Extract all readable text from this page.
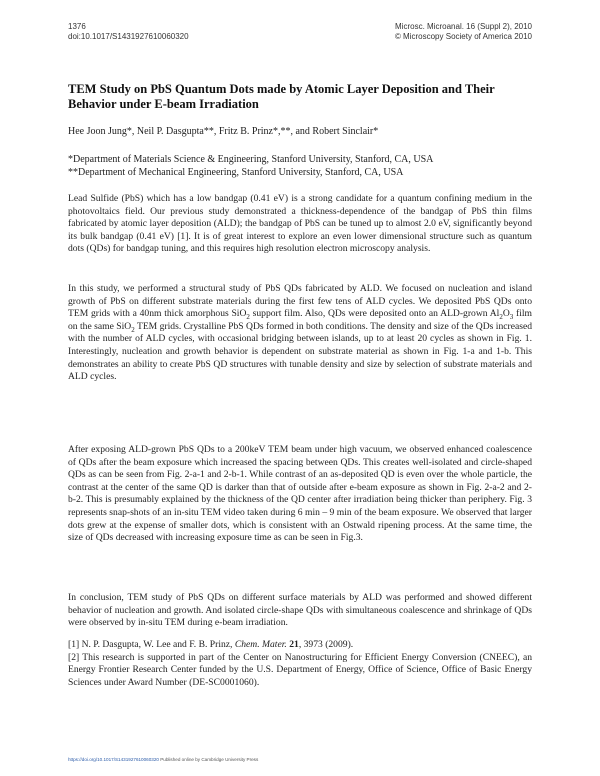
1376
doi:10.1017/S1431927610060320
Microsc. Microanal. 16 (Suppl 2), 2010
© Microscopy Society of America 2010
TEM Study on PbS Quantum Dots made by Atomic Layer Deposition and Their Behavior under E-beam Irradiation
Hee Joon Jung*, Neil P. Dasgupta**, Fritz B. Prinz*,**, and Robert Sinclair*
*Department of Materials Science & Engineering, Stanford University, Stanford, CA, USA
**Department of Mechanical Engineering, Stanford University, Stanford, CA, USA
Lead Sulfide (PbS) which has a low bandgap (0.41 eV) is a strong candidate for a quantum confining medium in the photovoltaics field. Our previous study demonstrated a thickness-dependence of the bandgap of PbS thin films fabricated by atomic layer deposition (ALD); the bandgap of PbS can be tuned up to almost 2.0 eV, significantly beyond its bulk bandgap (0.41 eV) [1]. It is of great interest to explore an even lower dimensional structure such as quantum dots (QDs) for bandgap tuning, and this requires high resolution electron microscopy analysis.
In this study, we performed a structural study of PbS QDs fabricated by ALD. We focused on nucleation and island growth of PbS on different substrate materials during the first few tens of ALD cycles. We deposited PbS QDs onto TEM grids with a 40nm thick amorphous SiO$_2$ support film. Also, QDs were deposited onto an ALD-grown $Al_2O_3$ film on the same SiO$_2$ TEM grids. Crystalline PbS QDs formed in both conditions. The density and size of the QDs increased with the number of ALD cycles, with occasional bridging between islands, up to at least 20 cycles as shown in Fig. 1. Interestingly, nucleation and growth behavior is dependent on substrate material as shown in Fig. 1-a and 1-b. This demonstrates an ability to create PbS QD structures with tunable density and size by selection of substrate materials and ALD cycles.
After exposing ALD-grown PbS QDs to a 200keV TEM beam under high vacuum, we observed enhanced coalescence of QDs after the beam exposure which increased the spacing between QDs. This creates well-isolated and circle-shaped QDs as can be seen from Fig. 2-a-1 and 2-b-1. While contrast of an as-deposited QD is even over the whole particle, the contrast at the center of the same QD is darker than that of outside after e-beam exposure as shown in Fig. 2-a-2 and 2-b-2. This is presumably explained by the thickness of the QD center after irradiation being thicker than periphery. Fig. 3 represents snap-shots of an in-situ TEM video taken during 6 min – 9 min of the beam exposure. We observed that larger dots grew at the expense of smaller dots, which is consistent with an Ostwald ripening process. At the same time, the size of QDs decreased with increasing exposure time as can be seen in Fig.3.
In conclusion, TEM study of PbS QDs on different surface materials by ALD was performed and showed different behavior of nucleation and growth. And isolated circle-shape QDs with simultaneous coalescence and shrinkage of QDs were observed by in-situ TEM during e-beam irradiation.
[1] N. P. Dasgupta, W. Lee and F. B. Prinz, Chem. Mater. 21, 3973 (2009).
[2] This research is supported in part of the Center on Nanostructuring for Efficient Energy Conversion (CNEEC), an Energy Frontier Research Center funded by the U.S. Department of Energy, Office of Science, Office of Basic Energy Sciences under Award Number (DE-SC0001060).
https://doi.org/10.1017/S1431927610060320 Published online by Cambridge University Press
